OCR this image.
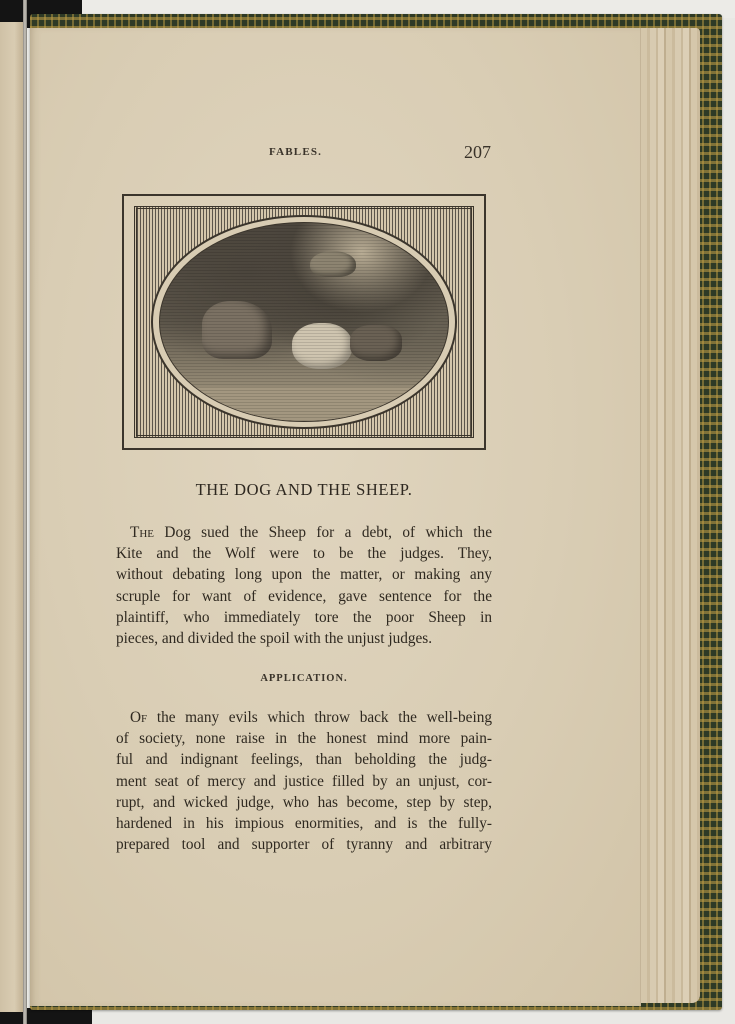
FABLES.	207
THE DOG AND THE SHEEP.
The Dog sued the Sheep for a debt, of which the
Kite and the Wolf were to be the judges. They,
without debating long upon the matter, or making any
scruple for want of evidence, gave sentence for the
plaintiff, who immediately tore the poor Sheep in
pieces, and divided the spoil with the unjust judges.
APPLICATION.
Of the many evils which throw back the well-being
of society, none raise in the honest mind more pain-
ful and indignant feelings, than beholding the judg-
ment seat of mercy and justice filled by an unjust, cor-
rupt, and wicked judge, who has become, step by step,
hardened in his impious enormities, and is the fully-
prepared tool and supporter of tyranny and arbitrary
